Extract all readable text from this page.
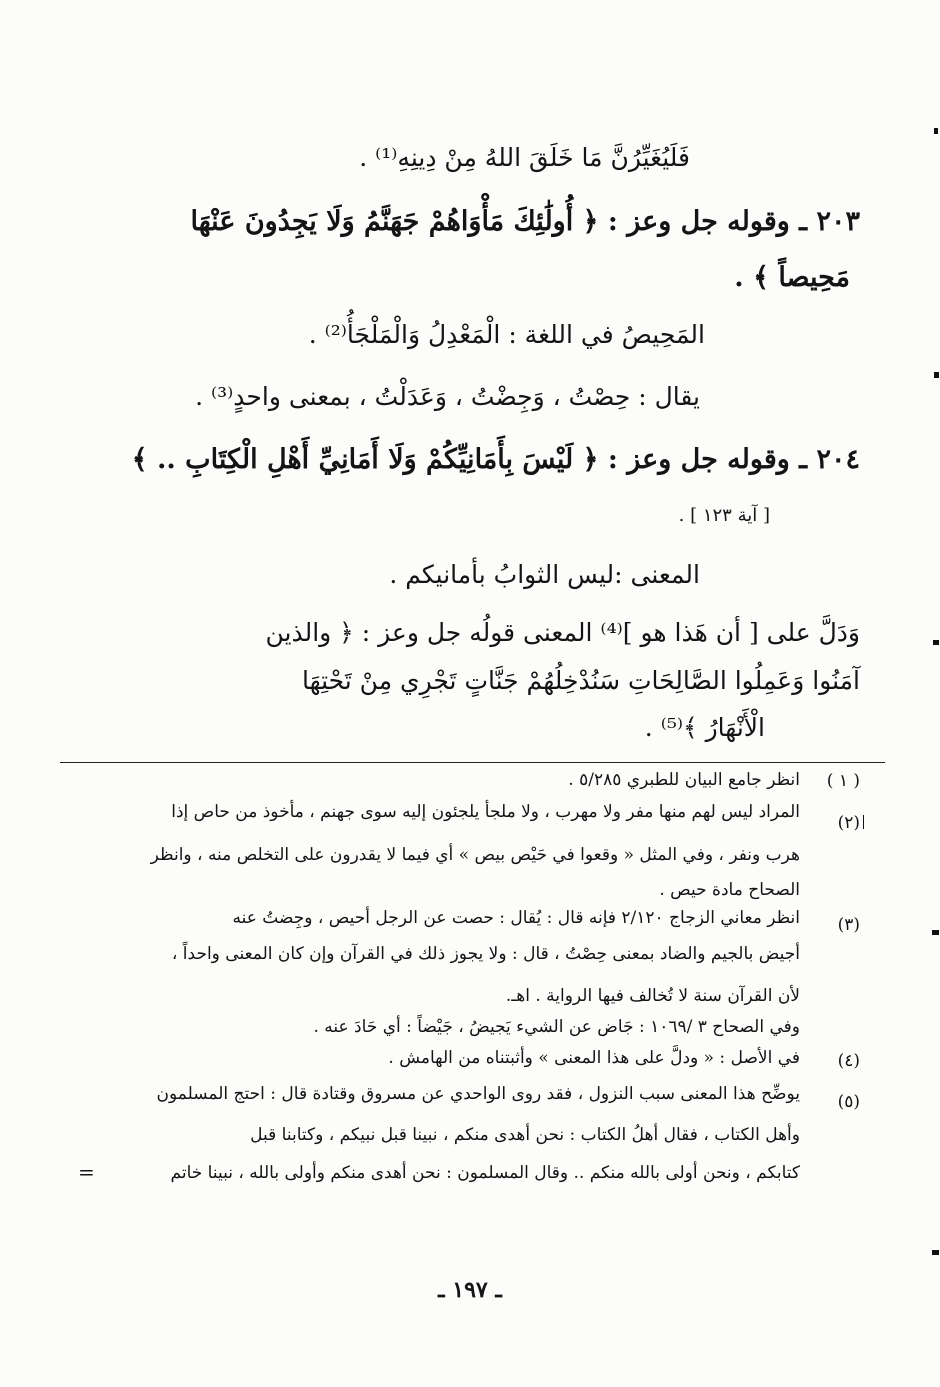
فَلَيُغَيِّرُنَّ مَا خَلَقَ اللهُ مِنْ دِينِهِ⁽¹⁾ .
٢٠٣ ـ وقوله جل وعز : ﴿ أُولَٰئِكَ مَأْوَاهُمْ جَهَنَّمُ وَلَا يَجِدُونَ عَنْهَا
مَحِيصاً ﴾ .
المَحِيصُ في اللغة : الْمَعْدِلُ وَالْمَلْجَأُ⁽²⁾ .
يقال : حِصْتُ ، وَجِضْتُ ، وَعَدَلْتُ ، بمعنى واحدٍ⁽³⁾ .
٢٠٤ ـ وقوله جل وعز : ﴿ لَيْسَ بِأَمَانِيِّكُمْ وَلَا أَمَانِيِّ أَهْلِ الْكِتَابِ .. ﴾
[ آية ١٢٣ ] .
المعنى :ليس الثوابُ بأمانيكم .
وَدَلَّ على [ أن هَذا هو ]⁽⁴⁾ المعنى قولُه جل وعز : ﴿ والذين
آمَنُوا وَعَمِلُوا الصَّالِحَاتِ سَنُدْخِلُهُمْ جَنَّاتٍ تَجْرِي مِنْ تَحْتِهَا
الْأَنْهَارُ ﴾⁽⁵⁾ .
( ١ )
انظر جامع البيان للطبري ٥/٢٨٥ .
(٢)
المراد ليس لهم منها مفر ولا مهرب ، ولا ملجأ يلجئون إليه سوى جهنم ، مأخوذ من حاص إذا
هرب ونفر ، وفي المثل « وقعوا في حَيْص بيص » أي فيما لا يقدرون على التخلص منه ، وانظر
الصحاح مادة حيص .
(٣)
انظر معاني الزجاج ٢/١٢٠ فإنه قال : يُقال : حصت عن الرجل أحيص ، وجِضتُ عنه
أجيض بالجيم والضاد بمعنى حِصْتُ ، قال : ولا يجوز ذلك في القرآن وإن كان المعنى واحداً ،
لأن القرآن سنة لا تُخالف فيها الرواية . اهـ.
وفي الصحاح ٣ /١٠٦٩ : جَاض عن الشيء يَجيضُ ، جَيْضاً : أي حَادَ عنه .
(٤)
في الأصل : « ودلَّ على هذا المعنى » وأثبتناه من الهامش .
(٥)
يوضِّح هذا المعنى سبب النزول ، فقد روى الواحدي عن مسروق وقتادة قال : احتج المسلمون
وأهل الكتاب ، فقال أهلُ الكتاب : نحن أهدى منكم ، نبينا قبل نبيكم ، وكتابنا قبل
كتابكم ، ونحن أولى بالله منكم .. وقال المسلمون : نحن أهدى منكم وأولى بالله ، نبينا خاتم
=
ـ ١٩٧ ـ
